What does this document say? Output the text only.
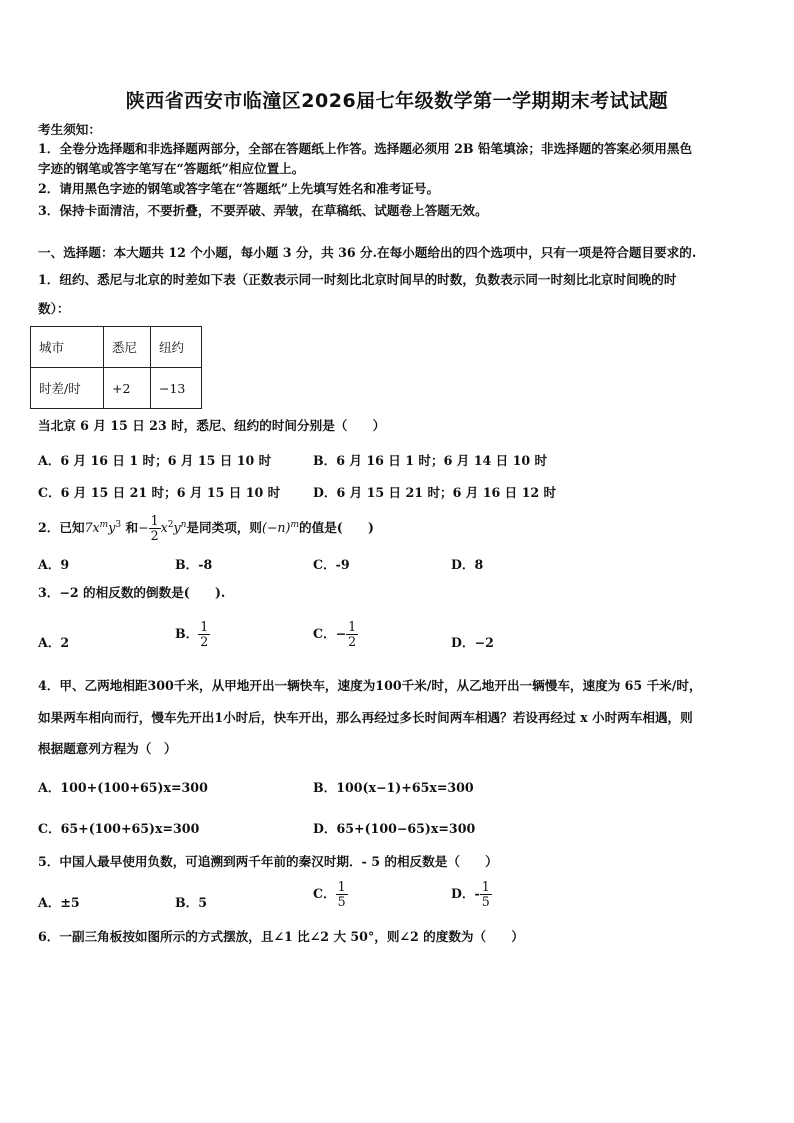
陕西省西安市临潼区2026届七年级数学第一学期期末考试试题
考生须知：
1．全卷分选择题和非选择题两部分，全部在答题纸上作答。选择题必须用 2B 铅笔填涂；非选择题的答案必须用黑色
字迹的钢笔或答字笔写在“答题纸”相应位置上。
2．请用黑色字迹的钢笔或答字笔在“答题纸”上先填写姓名和准考证号。
3．保持卡面清洁，不要折叠，不要弄破、弄皱，在草稿纸、试题卷上答题无效。
一、选择题：本大题共 12 个小题，每小题 3 分，共 36 分.在每小题给出的四个选项中，只有一项是符合题目要求的.
1．纽约、悉尼与北京的时差如下表（正数表示同一时刻比北京时间早的时数，负数表示同一时刻比北京时间晚的时
数）：
城市	悉尼	纽约
时差/时	+2	−13
当北京 6 月 15 日 23 时，悉尼、纽约的时间分别是（　　）
A．6 月 16 日 1 时；6 月 15 日 10 时	B．6 月 16 日 1 时；6 月 14 日 10 时
C．6 月 15 日 21 时；6 月 15 日 10 时	D．6 月 15 日 21 时；6 月 16 日 12 时
2．已知$7x^my^3$ 和− $\frac{1}{2} x^2y^n$是同类项，则$(-n)^m$的值是(　　)
A．9	B．-8	C．-9	D．8
3．−2 的相反数的倒数是(　　).
A．2
B． $\frac{1}{2}$	C．− $\frac{1}{2}$	D．−2
4．甲、乙两地相距300千米，从甲地开出一辆快车，速度为100千米/时，从乙地开出一辆慢车，速度为 65 千米/时，
如果两车相向而行，慢车先开出1小时后，快车开出，那么再经过多长时间两车相遇？若设再经过 x 小时两车相遇，则
根据题意列方程为（　）
A．100+(100+65)x=300	B．100(x−1)+65x=300
C．65+(100+65)x=300	D．65+(100−65)x=300
5．中国人最早使用负数，可追溯到两千年前的秦汉时期．- 5 的相反数是（　　）
A．±5	B．5
C． $\frac{1}{5}$	D．- $\frac{1}{5}$
6．一副三角板按如图所示的方式摆放，且∠1 比∠2 大 50°，则∠2 的度数为（　　）
